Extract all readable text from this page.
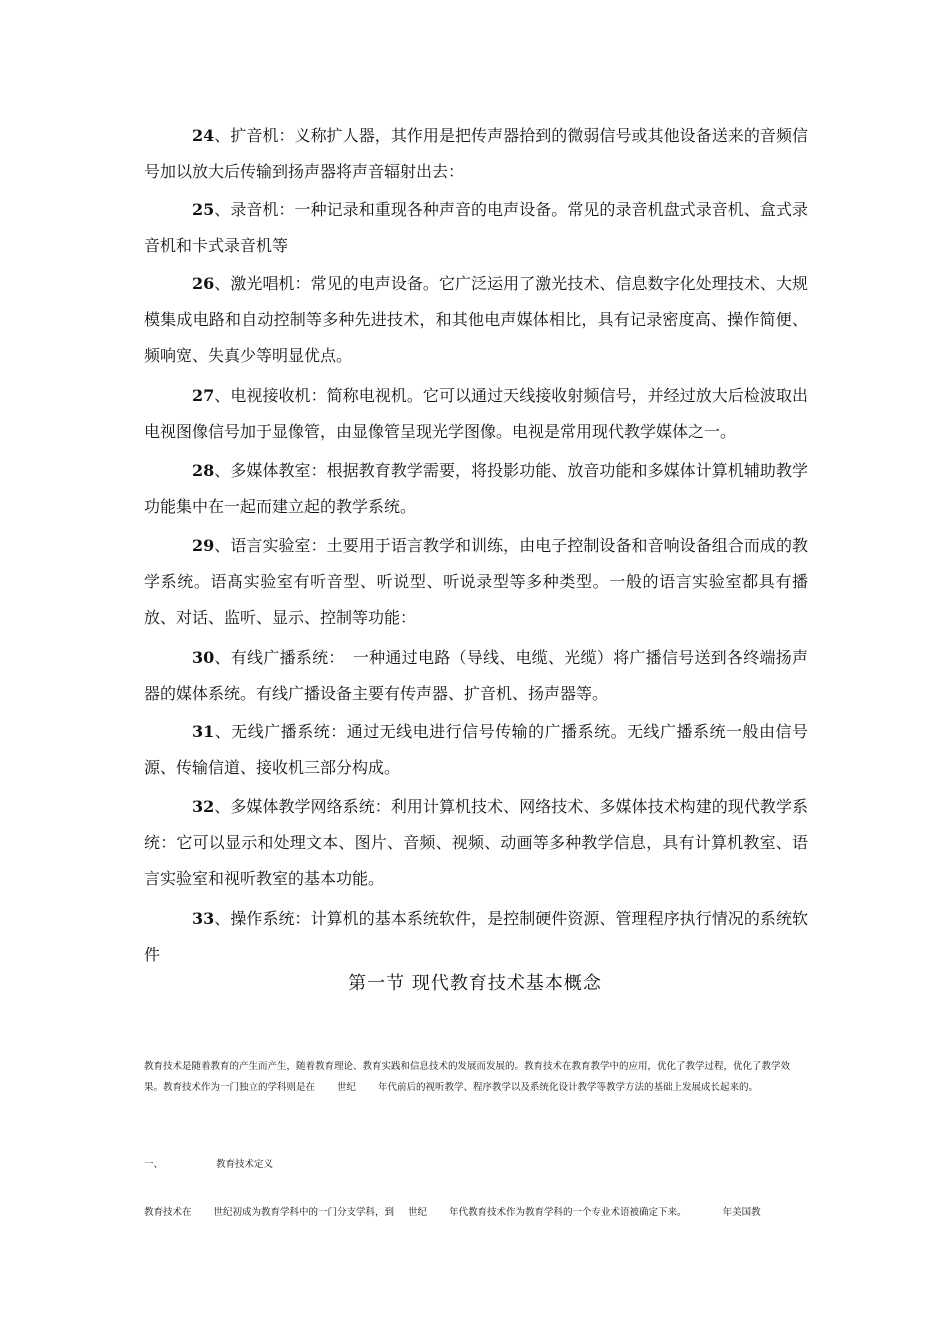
24、扩音机：义称扩人器，其作用是把传声器拾到的微弱信号或其他设备送来的音频信号加以放大后传输到扬声器将声音辐射出去：

25、录音机：一种记录和重现各种声音的电声设备。常见的录音机盘式录音机、盒式录音机和卡式录音机等

26、激光唱机：常见的电声设备。它广泛运用了激光技术、信息数字化处理技术、大规模集成电路和自动控制等多种先进技术，和其他电声媒体相比，具有记录密度高、操作简便、频响宽、失真少等明显优点。

27、电视接收机：简称电视机。它可以通过天线接收射频信号，并经过放大后检波取出电视图像信号加于显像管，由显像管呈现光学图像。电视是常用现代教学媒体之一。

28、多媒体教室：根据教育教学需要，将投影功能、放音功能和多媒体计算机辅助教学功能集中在一起而建立起的教学系统。

29、语言实验室：土要用于语言教学和训练，由电子控制设备和音响设备组合而成的教学系统。语髙实验室有听音型、听说型、听说录型等多种类型。一般的语言实验室都具有播放、对话、监听、显示、控制等功能：

30、有线广播系统：　一种通过电路（导线、电缆、光缆）将广播信号送到各终端扬声器的媒体系统。有线广播设备主要有传声器、扩音机、扬声器等。

31、无线广播系统：通过无线电进行信号传输的广播系统。无线广播系统一般由信号源、传输信道、接收机三部分构成。

32、多媒体教学网络系统：利用计算机技术、网络技术、多媒体技术构建的现代教学系统：它可以显示和处理文本、图片、音频、视频、动画等多种教学信息，具有计算机教室、语言实验室和视听教室的基本功能。

33、操作系统：计算机的基本系统软件，是控制硬件资源、管理程序执行情况的系统软件

第一节 现代教育技术基本概念

教育技术是随着教育的产生而产生，随着教育理论、教育实践和信息技术的发展而发展的。教育技术在教育教学中的应用，优化了教学过程，优化了教学效果。教育技术作为一门独立的学科则是在 世纪 年代前后的视听教学、程序教学以及系统化设计教学等教学方法的基础上发展成长起来的。

一、	教育技术定义

教育技术在 世纪初成为教育学科中的一门分支学科，到 世纪 年代教育技术作为教育学科的一个专业术语被确定下来。	年美国教
